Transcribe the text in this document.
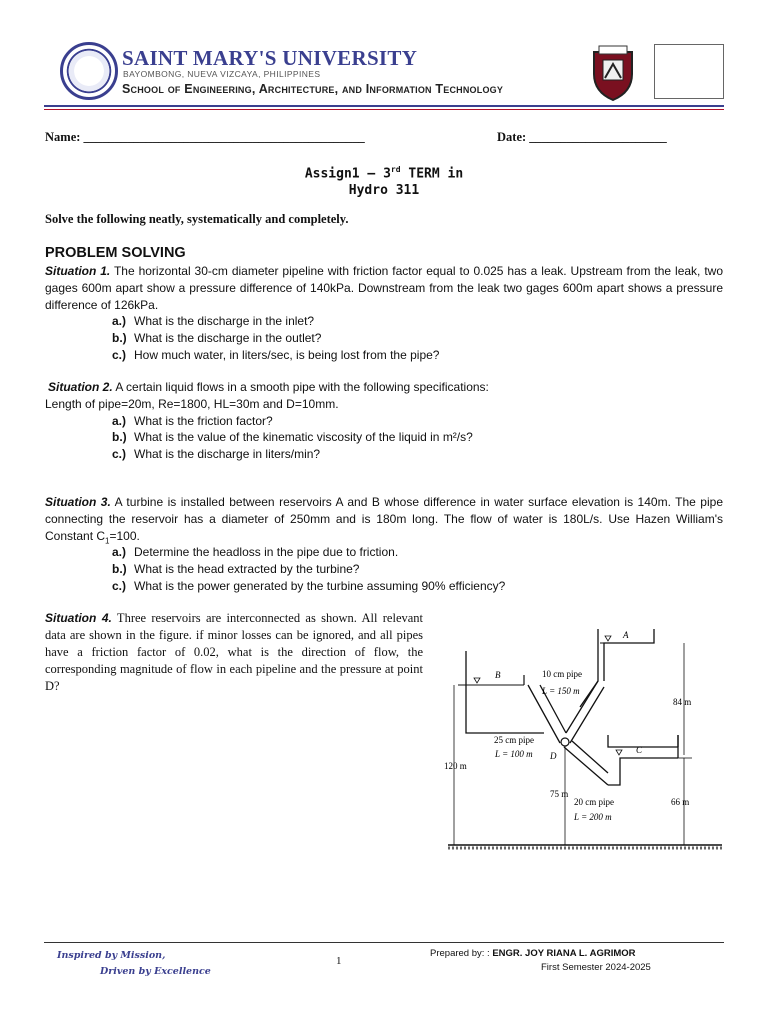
SAINT MARY'S UNIVERSITY
BAYOMBONG, NUEVA VIZCAYA, PHILIPPINES
School of Engineering, Architecture, and Information Technology
Name: _____________________________________________	Date: ______________________
Assign1 – 3rd TERM in
Hydro 311
Solve the following neatly, systematically and completely.
PROBLEM SOLVING
Situation 1. The horizontal 30-cm diameter pipeline with friction factor equal to 0.025 has a leak. Upstream from the leak, two gages 600m apart show a pressure difference of 140kPa. Downstream from the leak two gages 600m apart shows a pressure difference of 126kPa.
a.) What is the discharge in the inlet?
b.) What is the discharge in the outlet?
c.) How much water, in liters/sec, is being lost from the pipe?
Situation 2. A certain liquid flows in a smooth pipe with the following specifications:
Length of pipe=20m, Re=1800, HL=30m and D=10mm.
a.) What is the friction factor?
b.) What is the value of the kinematic viscosity of the liquid in m²/s?
c.) What is the discharge in liters/min?
Situation 3. A turbine is installed between reservoirs A and B whose difference in water surface elevation is 140m. The pipe connecting the reservoir has a diameter of 250mm and is 180m long. The flow of water is 180L/s. Use Hazen William's Constant $C_1=100$.
a.) Determine the headloss in the pipe due to friction.
b.) What is the head extracted by the turbine?
c.) What is the power generated by the turbine assuming 90% efficiency?
Situation 4. Three reservoirs are interconnected as shown. All relevant data are shown in the figure. if minor losses can be ignored, and all pipes have a friction factor of 0.02, what is the direction of flow, the corresponding magnitude of flow in each pipeline and the pressure at point D?
B
A
C
D
10 cm pipe
L = 150 m
25 cm pipe
L = 100 m
20 cm pipe
L = 200 m
120 m
75 m
84 m
66 m
Inspired by Mission,
Driven by Excellence
1
Prepared by: : ENGR. JOY RIANA L. AGRIMOR
First Semester 2024-2025
